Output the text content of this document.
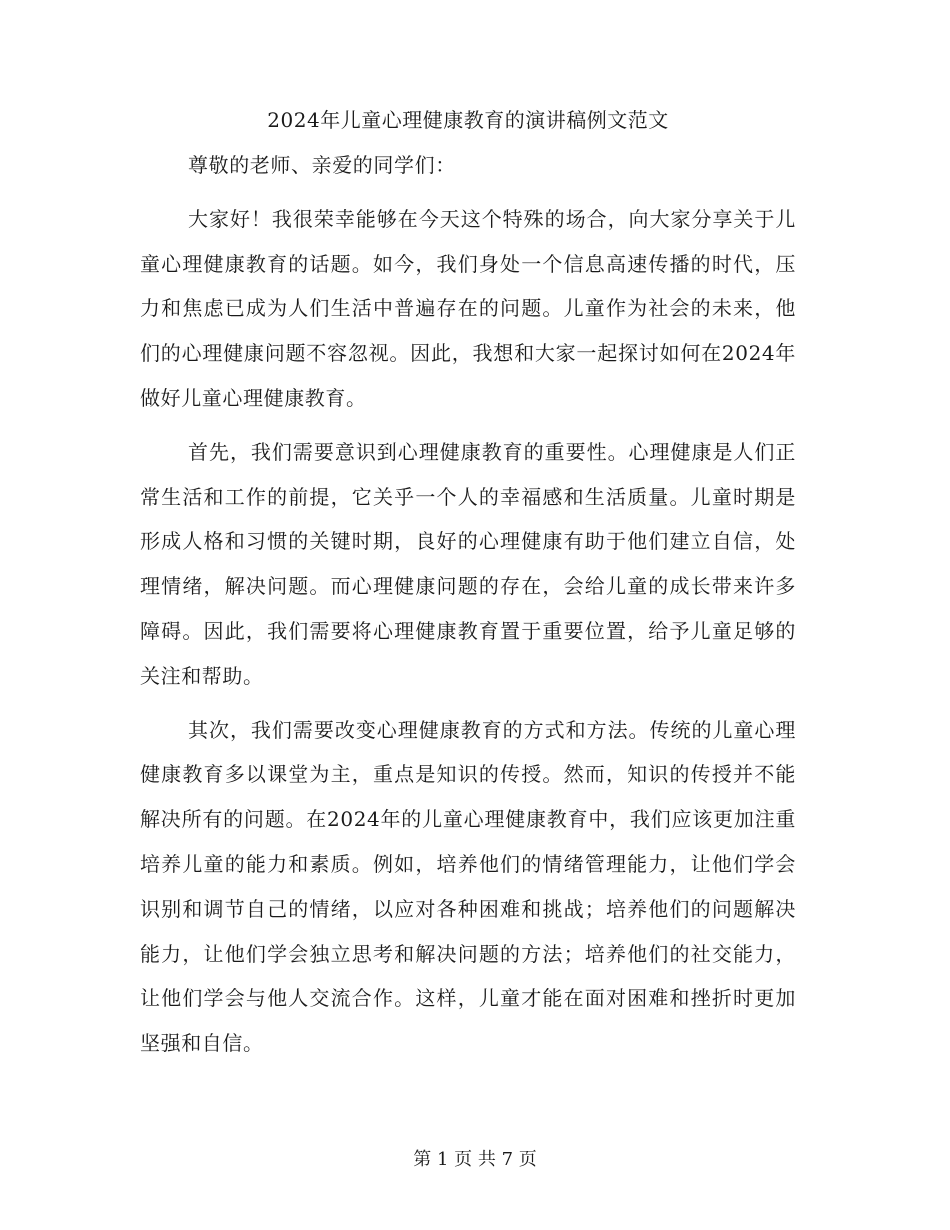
2024年儿童心理健康教育的演讲稿例文范文

尊敬的老师、亲爱的同学们：

大家好！我很荣幸能够在今天这个特殊的场合，向大家分享关于儿童心理健康教育的话题。如今，我们身处一个信息高速传播的时代，压力和焦虑已成为人们生活中普遍存在的问题。儿童作为社会的未来，他们的心理健康问题不容忽视。因此，我想和大家一起探讨如何在2024年做好儿童心理健康教育。

首先，我们需要意识到心理健康教育的重要性。心理健康是人们正常生活和工作的前提，它关乎一个人的幸福感和生活质量。儿童时期是形成人格和习惯的关键时期，良好的心理健康有助于他们建立自信，处理情绪，解决问题。而心理健康问题的存在，会给儿童的成长带来许多障碍。因此，我们需要将心理健康教育置于重要位置，给予儿童足够的关注和帮助。

其次，我们需要改变心理健康教育的方式和方法。传统的儿童心理健康教育多以课堂为主，重点是知识的传授。然而，知识的传授并不能解决所有的问题。在2024年的儿童心理健康教育中，我们应该更加注重培养儿童的能力和素质。例如，培养他们的情绪管理能力，让他们学会识别和调节自己的情绪，以应对各种困难和挑战；培养他们的问题解决能力，让他们学会独立思考和解决问题的方法；培养他们的社交能力，让他们学会与他人交流合作。这样，儿童才能在面对困难和挫折时更加坚强和自信。

第 1 页 共 7 页
